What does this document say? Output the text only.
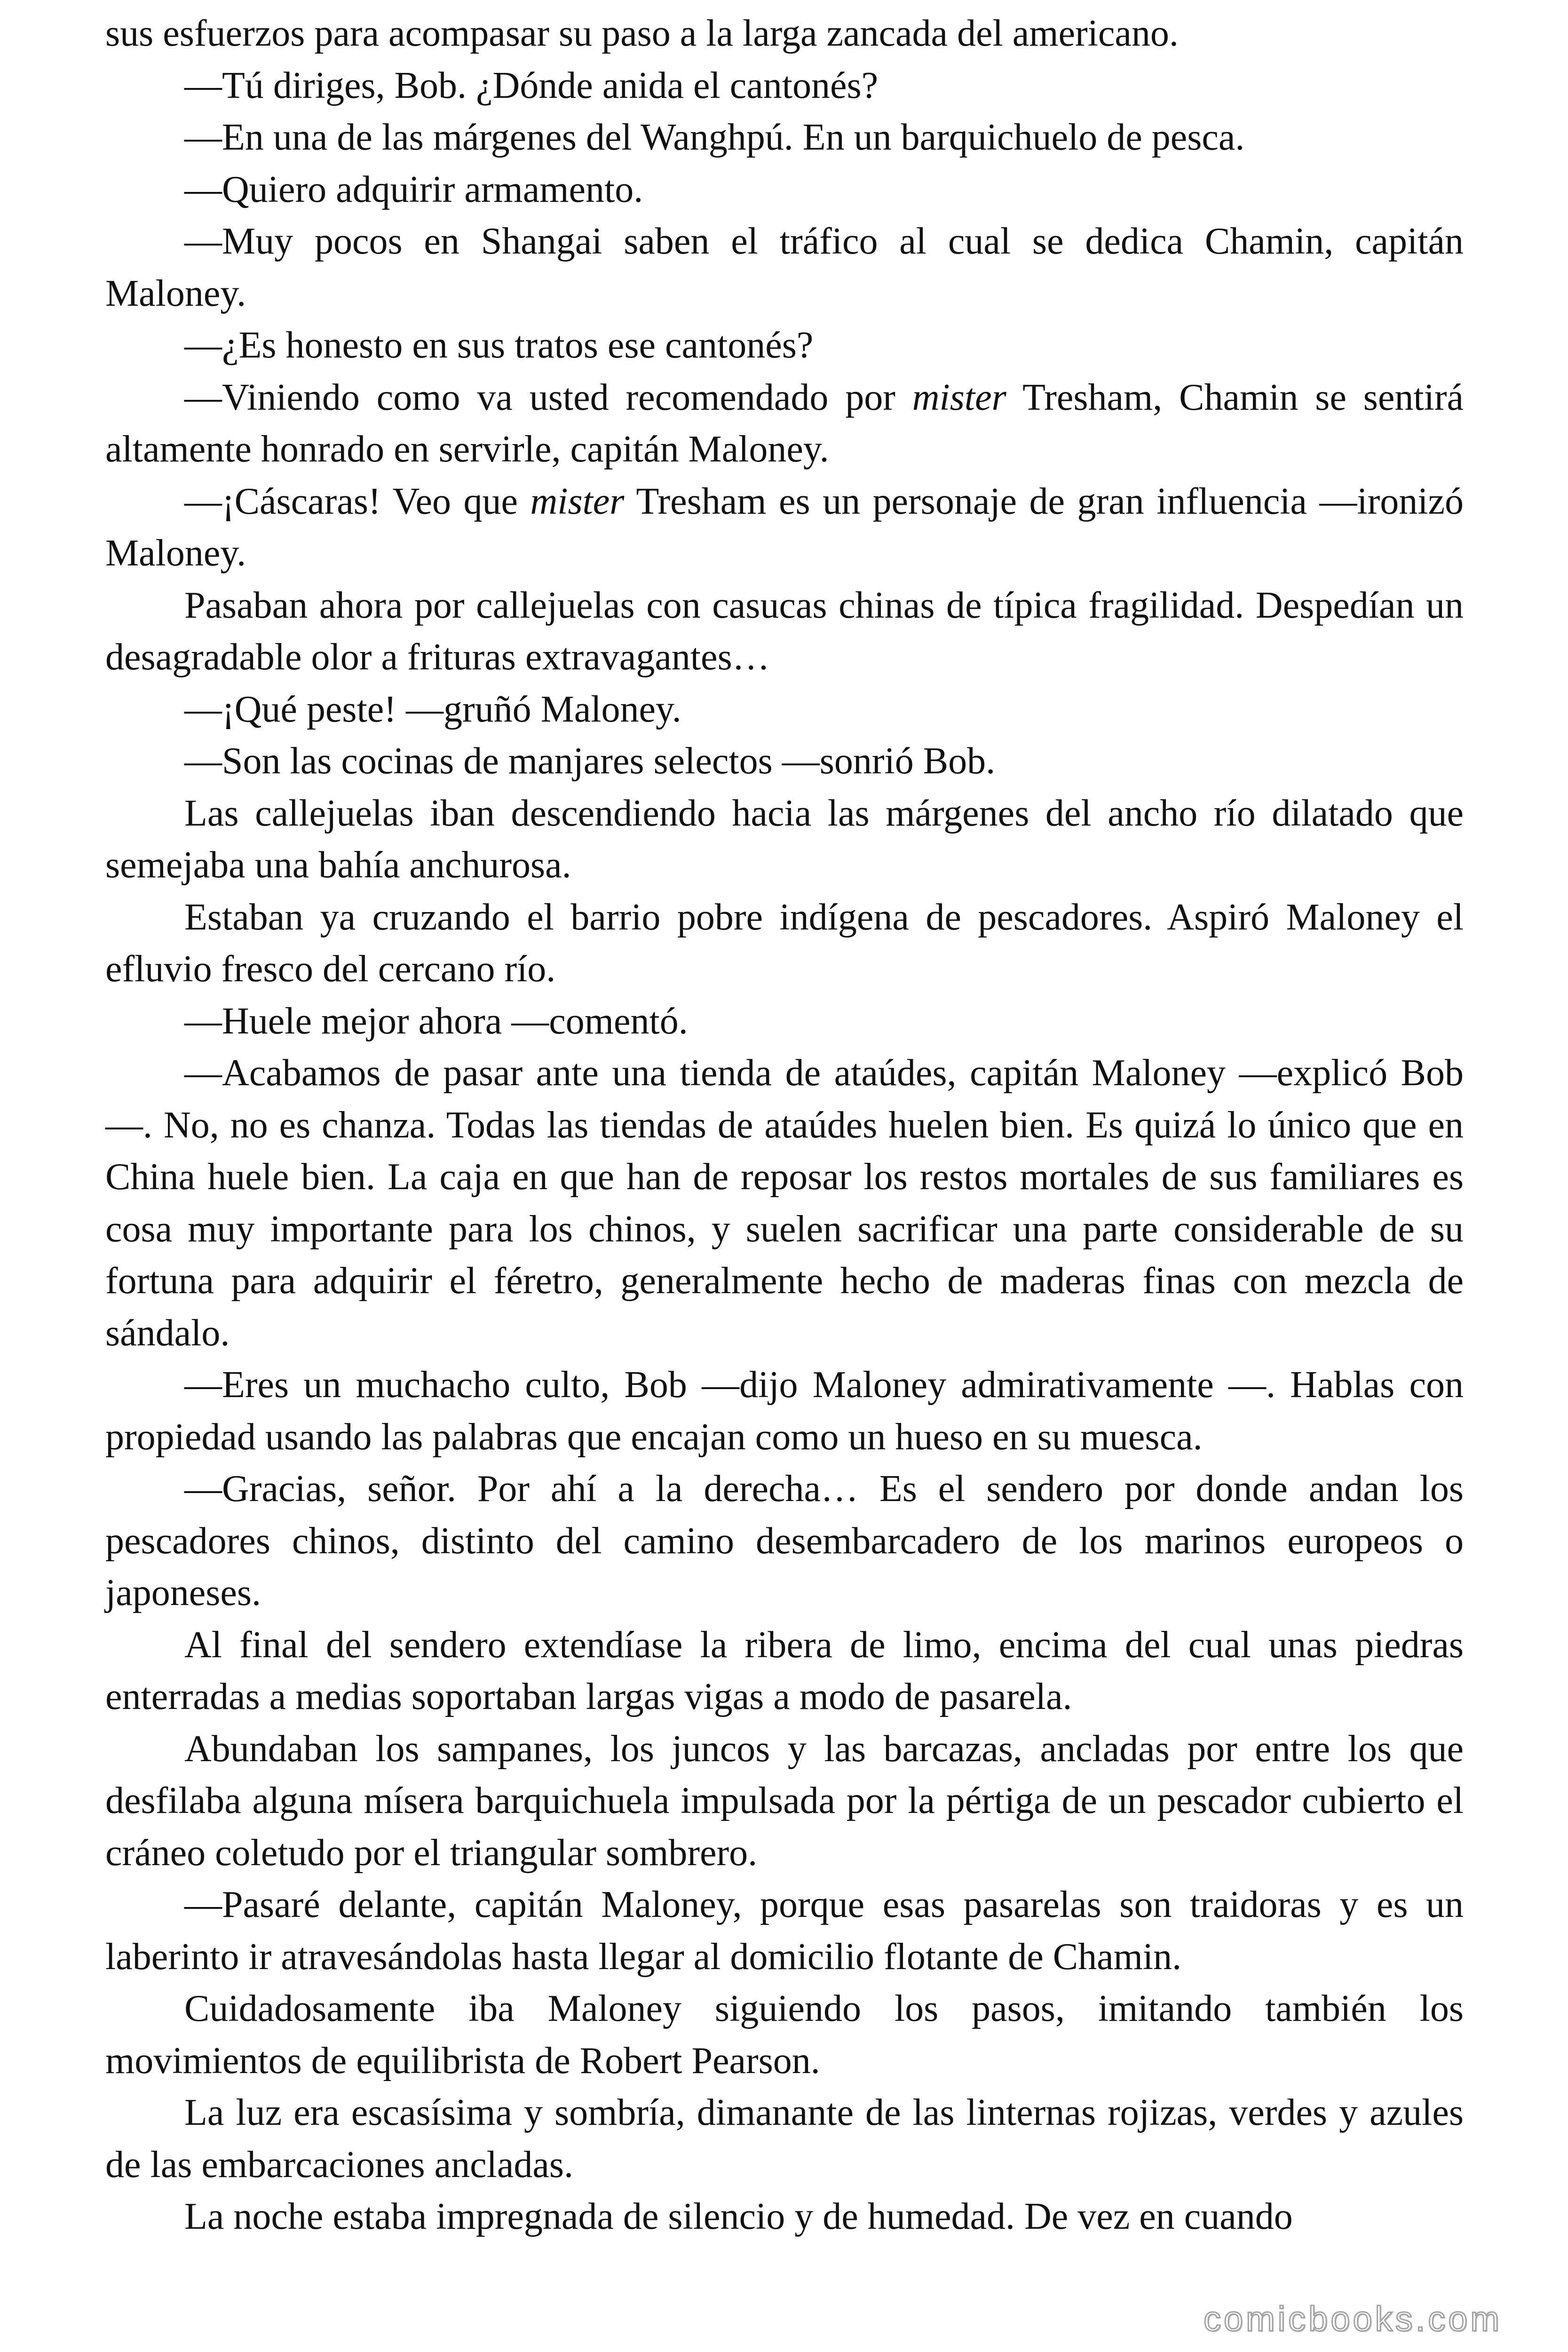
sus esfuerzos para acompasar su paso a la larga zancada del americano.

—Tú diriges, Bob. ¿Dónde anida el cantonés?

—En una de las márgenes del Wanghpú. En un barquichuelo de pesca.

—Quiero adquirir armamento.

—Muy pocos en Shangai saben el tráfico al cual se dedica Chamin, capitán Maloney.

—¿Es honesto en sus tratos ese cantonés?

—Viniendo como va usted recomendado por mister Tresham, Chamin se sentirá altamente honrado en servirle, capitán Maloney.

—¡Cáscaras! Veo que mister Tresham es un personaje de gran influencia —ironizó Maloney.

Pasaban ahora por callejuelas con casucas chinas de típica fragilidad. Despedían un desagradable olor a frituras extravagantes…

—¡Qué peste! —gruñó Maloney.

—Son las cocinas de manjares selectos —sonrió Bob.

Las callejuelas iban descendiendo hacia las márgenes del ancho río dilatado que semejaba una bahía anchurosa.

Estaban ya cruzando el barrio pobre indígena de pescadores. Aspiró Maloney el efluvio fresco del cercano río.

—Huele mejor ahora —comentó.

—Acabamos de pasar ante una tienda de ataúdes, capitán Maloney —explicó Bob—. No, no es chanza. Todas las tiendas de ataúdes huelen bien. Es quizá lo único que en China huele bien. La caja en que han de reposar los restos mortales de sus familiares es cosa muy importante para los chinos, y suelen sacrificar una parte considerable de su fortuna para adquirir el féretro, generalmente hecho de maderas finas con mezcla de sándalo.

—Eres un muchacho culto, Bob —dijo Maloney admirativamente —. Hablas con propiedad usando las palabras que encajan como un hueso en su muesca.

—Gracias, señor. Por ahí a la derecha… Es el sendero por donde andan los pescadores chinos, distinto del camino desembarcadero de los marinos europeos o japoneses.

Al final del sendero extendíase la ribera de limo, encima del cual unas piedras enterradas a medias soportaban largas vigas a modo de pasarela.

Abundaban los sampanes, los juncos y las barcazas, ancladas por entre los que desfilaba alguna mísera barquichuela impulsada por la pértiga de un pescador cubierto el cráneo coletudo por el triangular sombrero.

—Pasaré delante, capitán Maloney, porque esas pasarelas son traidoras y es un laberinto ir atravesándolas hasta llegar al domicilio flotante de Chamin.

Cuidadosamente iba Maloney siguiendo los pasos, imitando también los movimientos de equilibrista de Robert Pearson.

La luz era escasísima y sombría, dimanante de las linternas rojizas, verdes y azules de las embarcaciones ancladas.

La noche estaba impregnada de silencio y de humedad. De vez en cuando

comicbooks.com
